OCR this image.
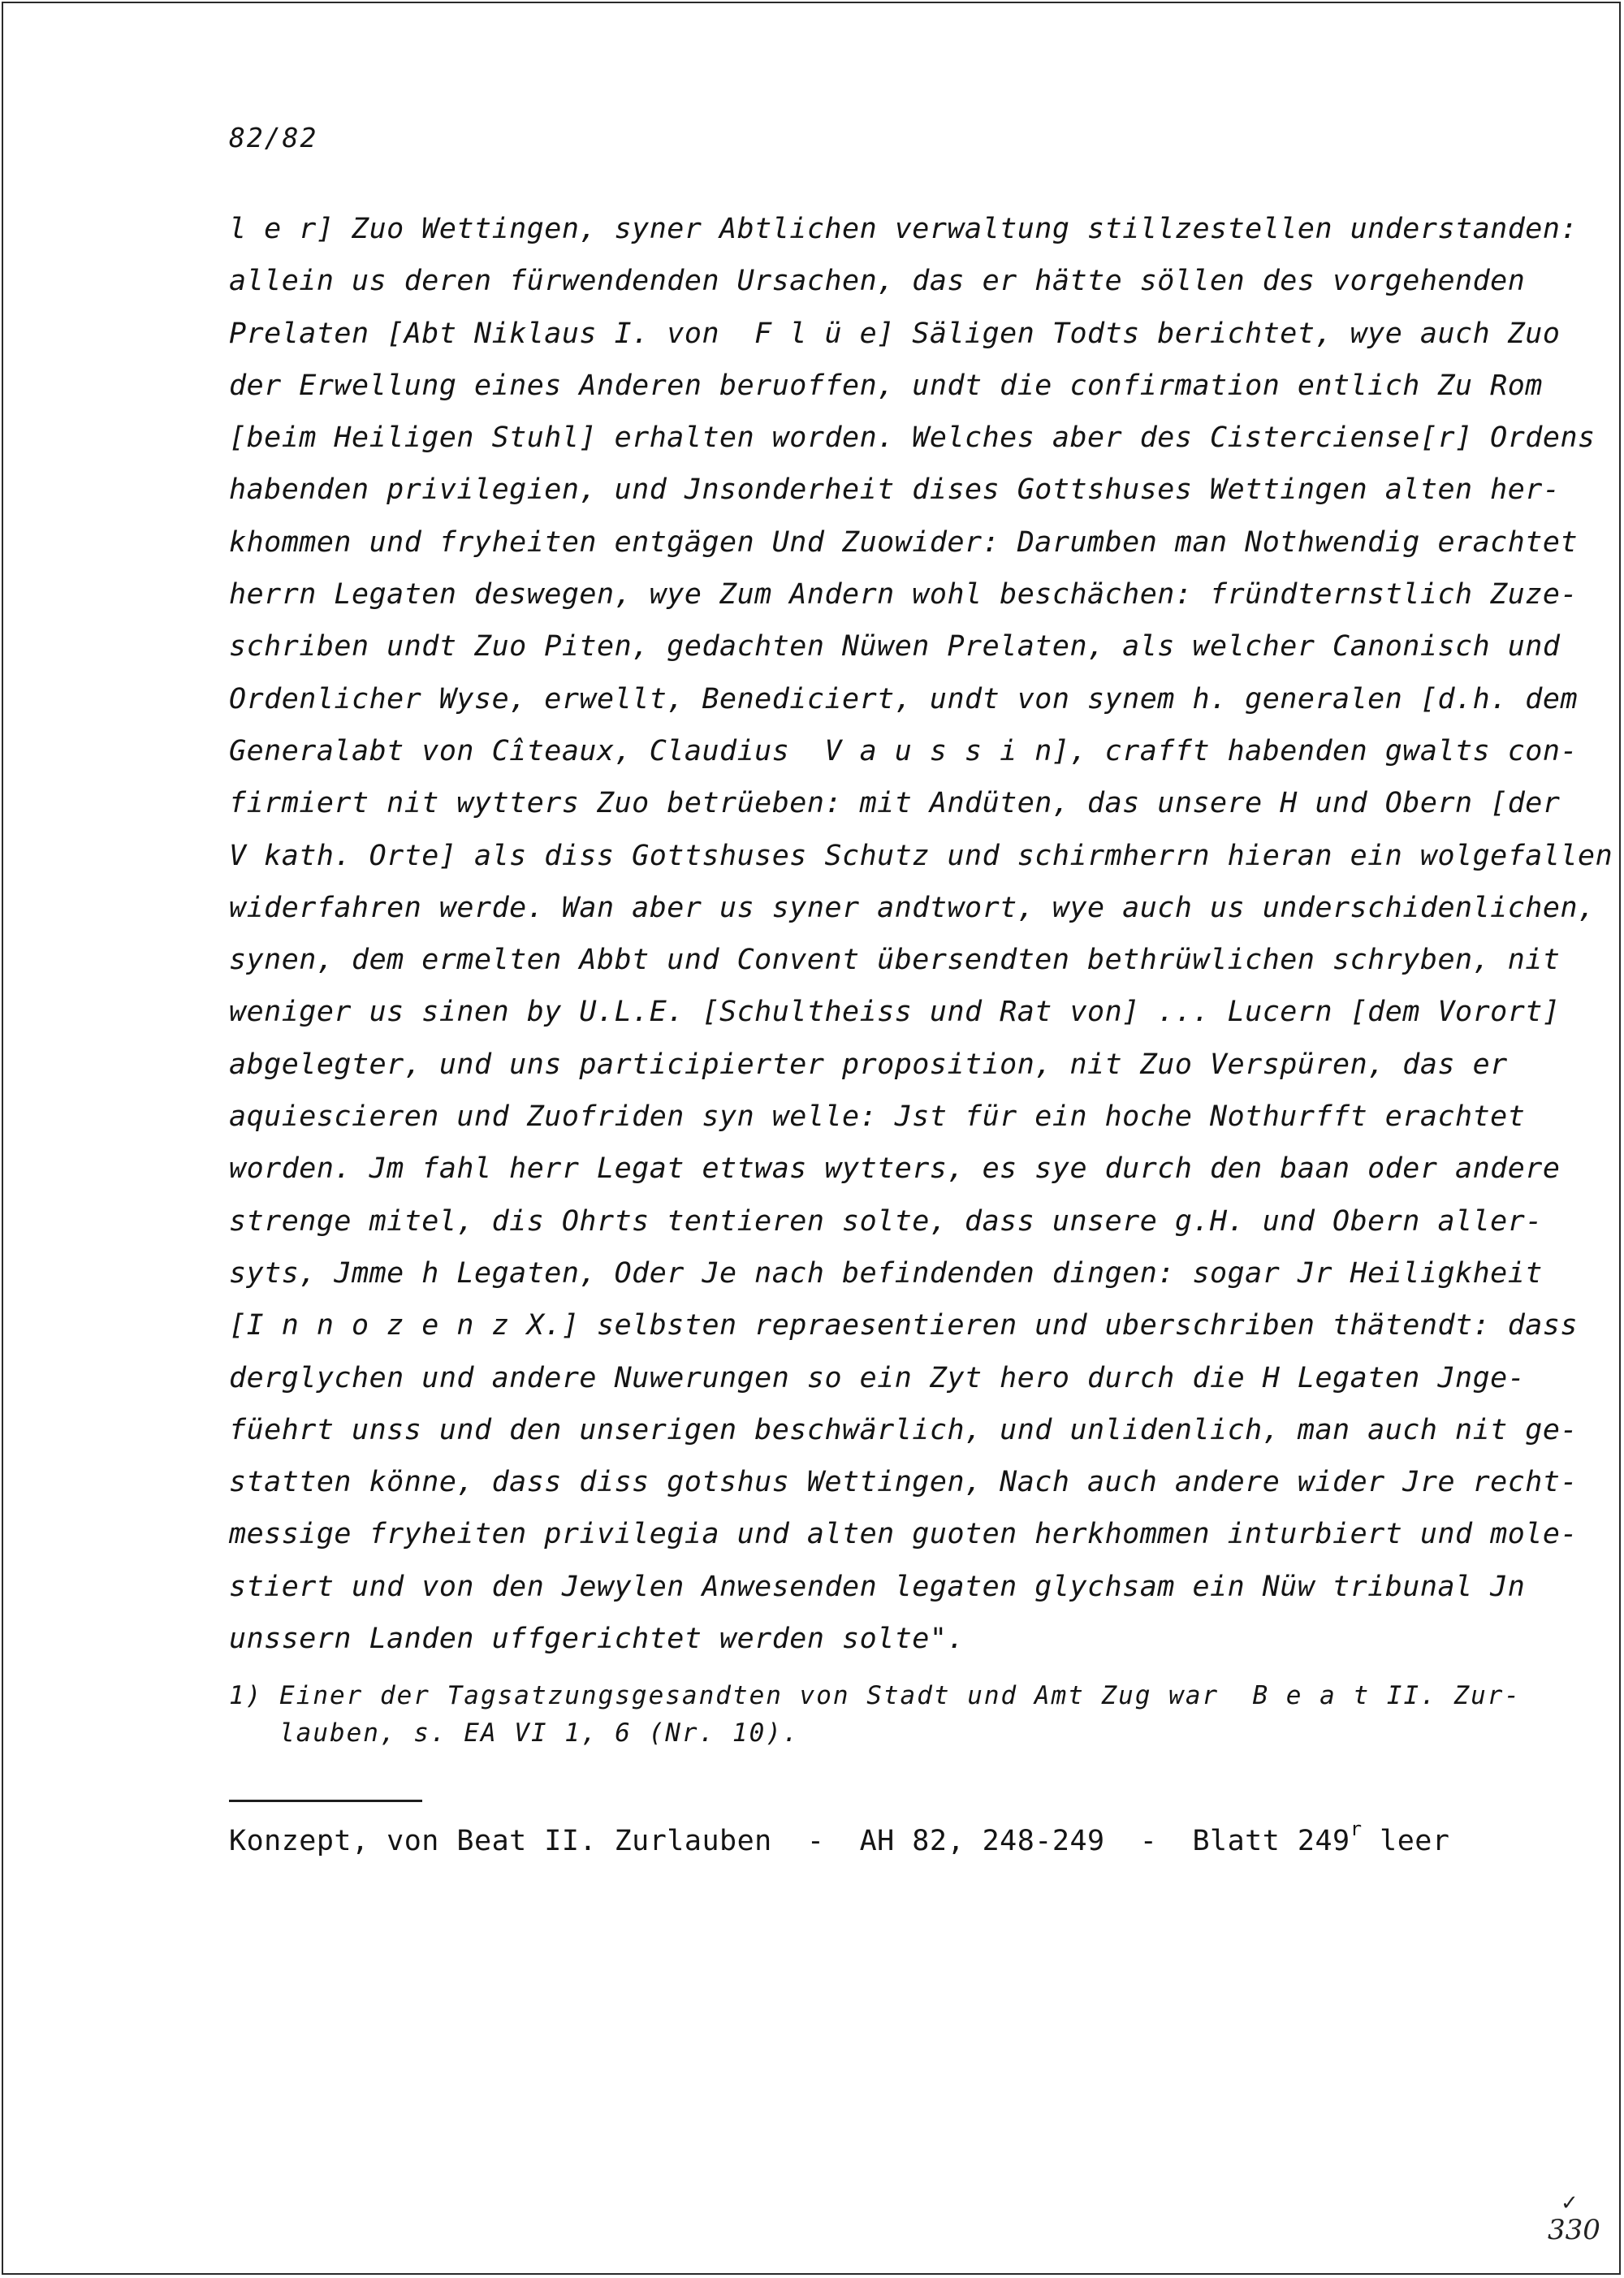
82/82
l e r] Zuo Wettingen, syner Abtlichen verwaltung stillzestellen understanden:
allein us deren fürwendenden Ursachen, das er hätte söllen des vorgehenden
Prelaten [Abt Niklaus I. von  F l ü e] Säligen Todts berichtet, wye auch Zuo
der Erwellung eines Anderen beruoffen, undt die confirmation entlich Zu Rom
[beim Heiligen Stuhl] erhalten worden. Welches aber des Cisterciense[r] Ordens
habenden privilegien, und Jnsonderheit dises Gottshuses Wettingen alten her-
khommen und fryheiten entgägen Und Zuowider: Darumben man Nothwendig erachtet
herrn Legaten deswegen, wye Zum Andern wohl beschächen: fründternstlich Zuze-
schriben undt Zuo Piten, gedachten Nüwen Prelaten, als welcher Canonisch und
Ordenlicher Wyse, erwellt, Benediciert, undt von synem h. generalen [d.h. dem
Generalabt von Cîteaux, Claudius  V a u s s i n], crafft habenden gwalts con-
firmiert nit wytters Zuo betrüeben: mit Andüten, das unsere H und Obern [der
V kath. Orte] als diss Gottshuses Schutz und schirmherrn hieran ein wolgefallen
widerfahren werde. Wan aber us syner andtwort, wye auch us underschidenlichen,
synen, dem ermelten Abbt und Convent übersendten bethrüwlichen schryben, nit
weniger us sinen by U.L.E. [Schultheiss und Rat von] ... Lucern [dem Vorort]
abgelegter, und uns participierter proposition, nit Zuo Verspüren, das er
aquiescieren und Zuofriden syn welle: Jst für ein hoche Nothurfft erachtet
worden. Jm fahl herr Legat ettwas wytters, es sye durch den baan oder andere
strenge mitel, dis Ohrts tentieren solte, dass unsere g.H. und Obern aller-
syts, Jmme h Legaten, Oder Je nach befindenden dingen: sogar Jr Heiligkheit
[I n n o z e n z X.] selbsten repraesentieren und uberschriben thätendt: dass
derglychen und andere Nuwerungen so ein Zyt hero durch die H Legaten Jnge-
füehrt unss und den unserigen beschwärlich, und unlidenlich, man auch nit ge-
statten könne, dass diss gotshus Wettingen, Nach auch andere wider Jre recht-
messige fryheiten privilegia und alten guoten herkhommen inturbiert und mole-
stiert und von den Jewylen Anwesenden legaten glychsam ein Nüw tribunal Jn
unssern Landen uffgerichtet werden solte".
1) Einer der Tagsatzungsgesandten von Stadt und Amt Zug war  B e a t II. Zur-
lauben, s. EA VI 1, 6 (Nr. 10).
Konzept, von Beat II. Zurlauben  -  AH 82, 248-249  -  Blatt 249$^r$ leer
✓
330
